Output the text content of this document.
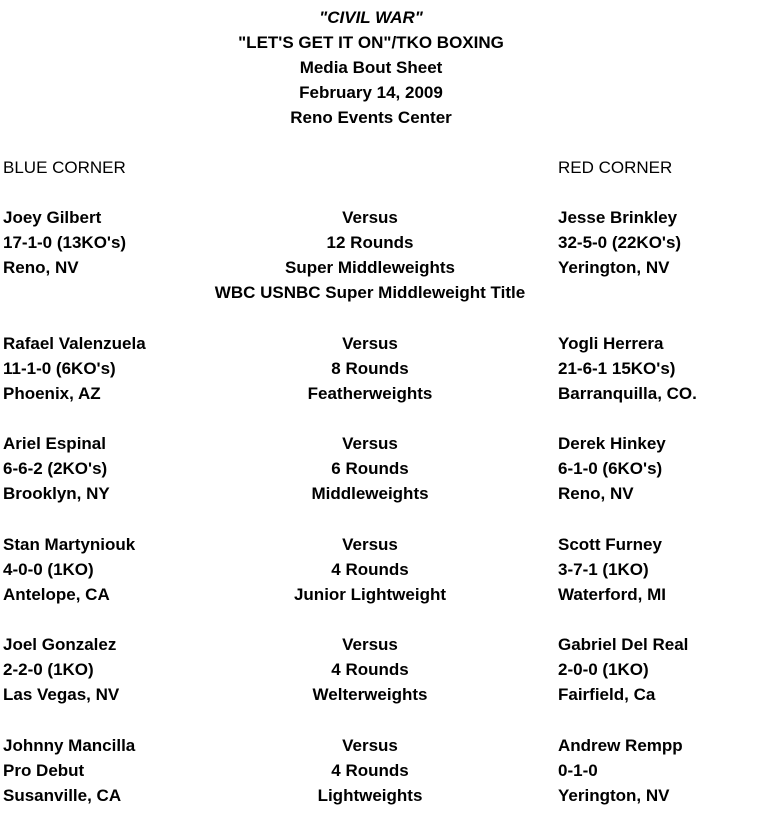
"CIVIL WAR"
"LET'S GET IT ON"/TKO BOXING
Media Bout Sheet
February 14, 2009
Reno Events Center
BLUE CORNER	RED CORNER
Joey Gilbert	Versus	Jesse Brinkley
17-1-0 (13KO's)	12 Rounds	32-5-0 (22KO's)
Reno, NV	Super Middleweights	Yerington, NV
WBC USNBC Super Middleweight Title
Rafael Valenzuela	Versus	Yogli Herrera
11-1-0 (6KO's)	8 Rounds	21-6-1 15KO's)
Phoenix, AZ	Featherweights	Barranquilla, CO.
Ariel Espinal	Versus	Derek Hinkey
6-6-2 (2KO's)	6 Rounds	6-1-0 (6KO's)
Brooklyn, NY	Middleweights	Reno, NV
Stan Martyniouk	Versus	Scott Furney
4-0-0 (1KO)	4 Rounds	3-7-1 (1KO)
Antelope, CA	Junior Lightweight	Waterford, MI
Joel Gonzalez	Versus	Gabriel Del Real
2-2-0 (1KO)	4 Rounds	2-0-0 (1KO)
Las Vegas, NV	Welterweights	Fairfield, Ca
Johnny Mancilla	Versus	Andrew Rempp
Pro Debut	4 Rounds	0-1-0
Susanville, CA	Lightweights	Yerington, NV
